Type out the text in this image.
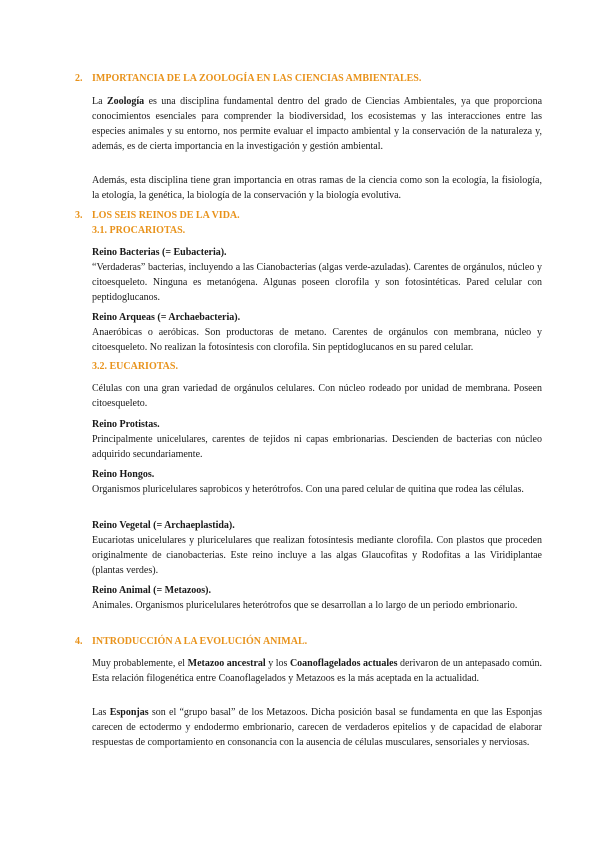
2. IMPORTANCIA DE LA ZOOLOGÍA EN LAS CIENCIAS AMBIENTALES.

La Zoología es una disciplina fundamental dentro del grado de Ciencias Ambientales, ya que proporciona conocimientos esenciales para comprender la biodiversidad, los ecosistemas y las interacciones entre las especies animales y su entorno, nos permite evaluar el impacto ambiental y la conservación de la naturaleza y, además, es de cierta importancia en la investigación y gestión ambiental.

Además, esta disciplina tiene gran importancia en otras ramas de la ciencia como son la ecología, la fisiología, la etología, la genética, la biología de la conservación y la biología evolutiva.

3. LOS SEIS REINOS DE LA VIDA.
3.1. PROCARIOTAS.

Reino Bacterias (= Eubacteria).

“Verdaderas” bacterias, incluyendo a las Cianobacterias (algas verde-azuladas). Carentes de orgánulos, núcleo y citoesqueleto. Ninguna es metanógena. Algunas poseen clorofila y son fotosintéticas. Pared celular con peptidoglucanos.

Reino Arqueas (= Archaebacteria).

Anaeróbicas o aeróbicas. Son productoras de metano. Carentes de orgánulos con membrana, núcleo y citoesqueleto. No realizan la fotosíntesis con clorofila. Sin peptidoglucanos en su pared celular.

3.2. EUCARIOTAS.

Células con una gran variedad de orgánulos celulares. Con núcleo rodeado por unidad de membrana. Poseen citoesqueleto.

Reino Protistas.

Principalmente unicelulares, carentes de tejidos ni capas embrionarias. Descienden de bacterias con núcleo adquirido secundariamente.

Reino Hongos.

Organismos pluricelulares saprobicos y heterótrofos. Con una pared celular de quitina que rodea las células.

Reino Vegetal (= Archaeplastida).

Eucariotas unicelulares y pluricelulares que realizan fotosíntesis mediante clorofila. Con plastos que proceden originalmente de cianobacterias. Este reino incluye a las algas Glaucofitas y Rodofitas a las Viridiplantae (plantas verdes).

Reino Animal (= Metazoos).

Animales. Organismos pluricelulares heterótrofos que se desarrollan a lo largo de un periodo embrionario.

4. INTRODUCCIÓN A LA EVOLUCIÓN ANIMAL.

Muy probablemente, el Metazoo ancestral y los Coanoflagelados actuales derivaron de un antepasado común. Esta relación filogenética entre Coanoflagelados y Metazoos es la más aceptada en la actualidad.

Las Esponjas son el “grupo basal” de los Metazoos. Dicha posición basal se fundamenta en que las Esponjas carecen de ectodermo y endodermo embrionario, carecen de verdaderos epitelios y de capacidad de elaborar respuestas de comportamiento en consonancia con la ausencia de células musculares, sensoriales y nerviosas.
